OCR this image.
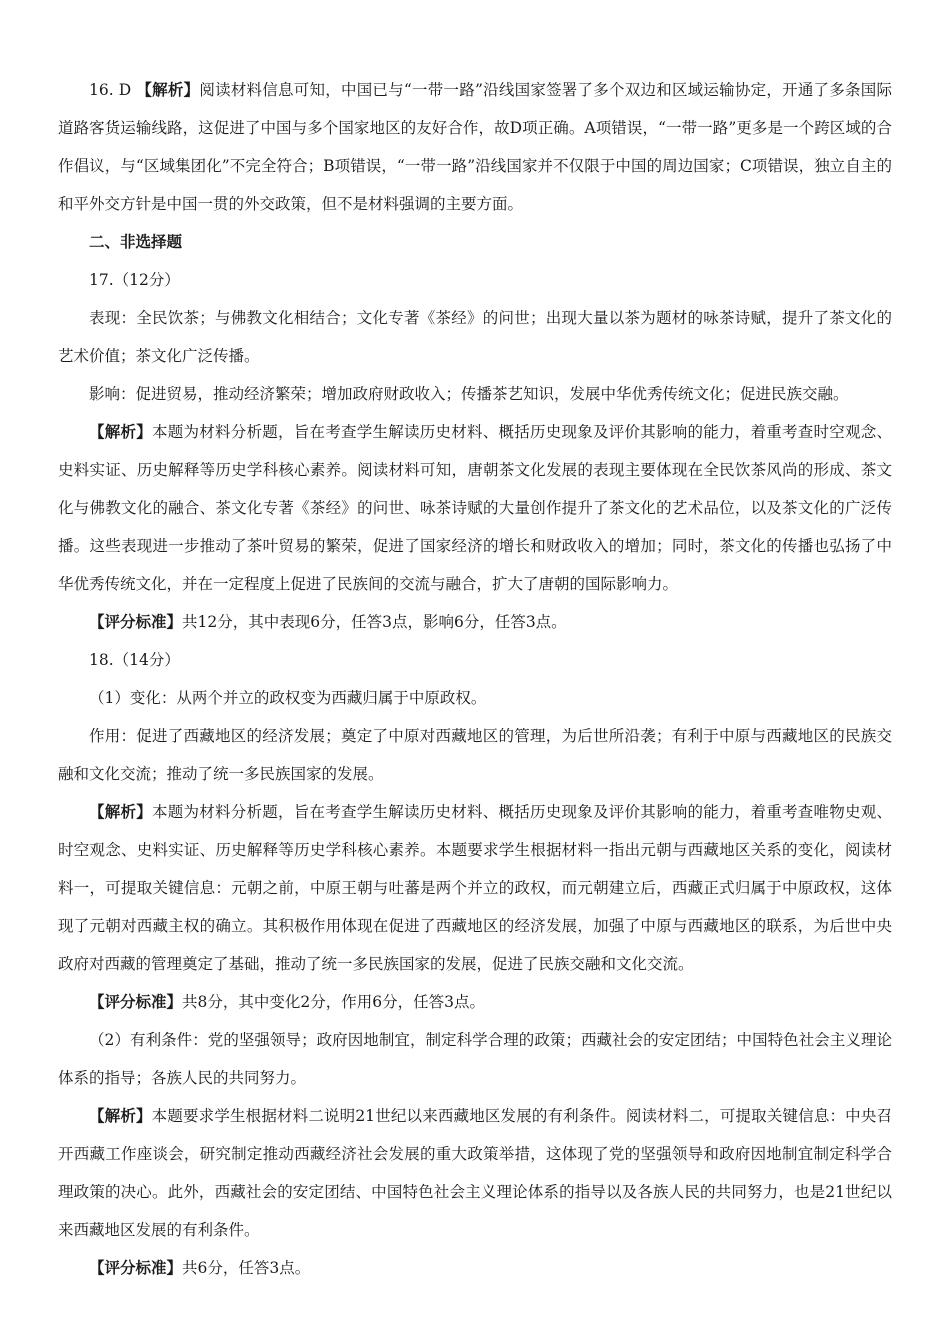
16. D 【解析】阅读材料信息可知，中国已与“一带一路”沿线国家签署了多个双边和区域运输协定，开通了多条国际道路客货运输线路，这促进了中国与多个国家地区的友好合作，故D项正确。A项错误，“一带一路”更多是一个跨区域的合作倡议，与“区域集团化”不完全符合；B项错误，“一带一路”沿线国家并不仅限于中国的周边国家；C项错误，独立自主的和平外交方针是中国一贯的外交政策，但不是材料强调的主要方面。

二、非选择题

17.（12分）

表现：全民饮茶；与佛教文化相结合；文化专著《茶经》的问世；出现大量以茶为题材的咏茶诗赋，提升了茶文化的艺术价值；茶文化广泛传播。

影响：促进贸易，推动经济繁荣；增加政府财政收入；传播茶艺知识，发展中华优秀传统文化；促进民族交融。

【解析】本题为材料分析题，旨在考查学生解读历史材料、概括历史现象及评价其影响的能力，着重考查时空观念、史料实证、历史解释等历史学科核心素养。阅读材料可知，唐朝茶文化发展的表现主要体现在全民饮茶风尚的形成、茶文化与佛教文化的融合、茶文化专著《茶经》的问世、咏茶诗赋的大量创作提升了茶文化的艺术品位，以及茶文化的广泛传播。这些表现进一步推动了茶叶贸易的繁荣，促进了国家经济的增长和财政收入的增加；同时，茶文化的传播也弘扬了中华优秀传统文化，并在一定程度上促进了民族间的交流与融合，扩大了唐朝的国际影响力。

【评分标准】共12分，其中表现6分，任答3点，影响6分，任答3点。

18.（14分）

（1）变化：从两个并立的政权变为西藏归属于中原政权。

作用：促进了西藏地区的经济发展；奠定了中原对西藏地区的管理，为后世所沿袭；有利于中原与西藏地区的民族交融和文化交流；推动了统一多民族国家的发展。

【解析】本题为材料分析题，旨在考查学生解读历史材料、概括历史现象及评价其影响的能力，着重考查唯物史观、时空观念、史料实证、历史解释等历史学科核心素养。本题要求学生根据材料一指出元朝与西藏地区关系的变化，阅读材料一，可提取关键信息：元朝之前，中原王朝与吐蕃是两个并立的政权，而元朝建立后，西藏正式归属于中原政权，这体现了元朝对西藏主权的确立。其积极作用体现在促进了西藏地区的经济发展，加强了中原与西藏地区的联系，为后世中央政府对西藏的管理奠定了基础，推动了统一多民族国家的发展，促进了民族交融和文化交流。

【评分标准】共8分，其中变化2分，作用6分，任答3点。

（2）有利条件：党的坚强领导；政府因地制宜，制定科学合理的政策；西藏社会的安定团结；中国特色社会主义理论体系的指导；各族人民的共同努力。

【解析】本题要求学生根据材料二说明21世纪以来西藏地区发展的有利条件。阅读材料二，可提取关键信息：中央召开西藏工作座谈会，研究制定推动西藏经济社会发展的重大政策举措，这体现了党的坚强领导和政府因地制宜制定科学合理政策的决心。此外，西藏社会的安定团结、中国特色社会主义理论体系的指导以及各族人民的共同努力，也是21世纪以来西藏地区发展的有利条件。

【评分标准】共6分，任答3点。
